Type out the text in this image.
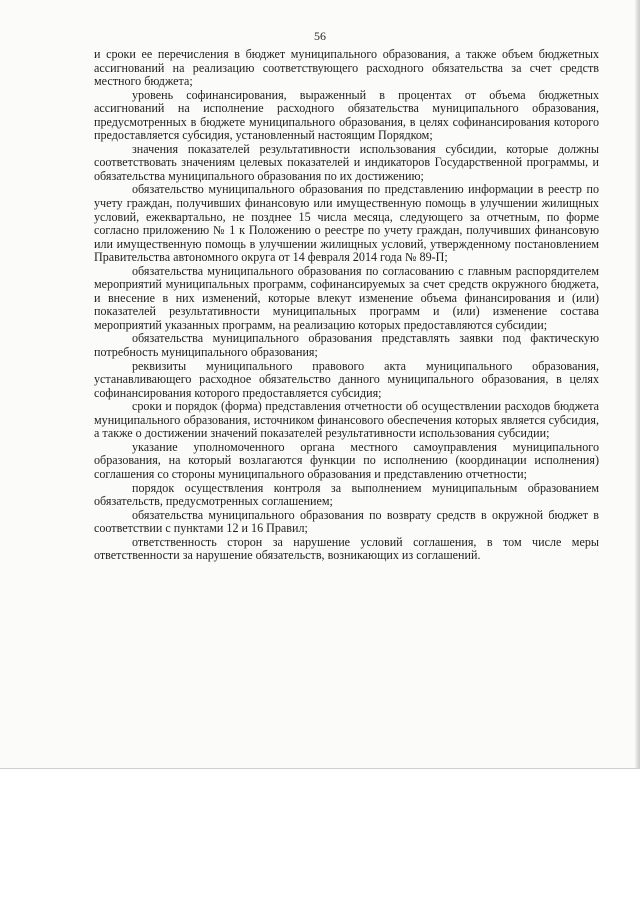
56

и сроки ее перечисления в бюджет муниципального образования, а также объем бюджетных ассигнований на реализацию соответствующего расходного обязательства за счет средств местного бюджета;

уровень софинансирования, выраженный в процентах от объема бюджетных ассигнований на исполнение расходного обязательства муниципального образования, предусмотренных в бюджете муниципального образования, в целях софинансирования которого предоставляется субсидия, установленный настоящим Порядком;

значения показателей результативности использования субсидии, которые должны соответствовать значениям целевых показателей и индикаторов Государственной программы, и обязательства муниципального образования по их достижению;

обязательство муниципального образования по представлению информации в реестр по учету граждан, получивших финансовую или имущественную помощь в улучшении жилищных условий, ежеквартально, не позднее 15 числа месяца, следующего за отчетным, по форме согласно приложению № 1 к Положению о реестре по учету граждан, получивших финансовую или имущественную помощь в улучшении жилищных условий, утвержденному постановлением Правительства автономного округа от 14 февраля 2014 года № 89-П;

обязательства муниципального образования по согласованию с главным распорядителем мероприятий муниципальных программ, софинансируемых за счет средств окружного бюджета, и внесение в них изменений, которые влекут изменение объема финансирования и (или) показателей результативности муниципальных программ и (или) изменение состава мероприятий указанных программ, на реализацию которых предоставляются субсидии;

обязательства муниципального образования представлять заявки под фактическую потребность муниципального образования;

реквизиты муниципального правового акта муниципального образования, устанавливающего расходное обязательство данного муниципального образования, в целях софинансирования которого предоставляется субсидия;

сроки и порядок (форма) представления отчетности об осуществлении расходов бюджета муниципального образования, источником финансового обеспечения которых является субсидия, а также о достижении значений показателей результативности использования субсидии;

указание уполномоченного органа местного самоуправления муниципального образования, на который возлагаются функции по исполнению (координации исполнения) соглашения со стороны муниципального образования и представлению отчетности;

порядок осуществления контроля за выполнением муниципальным образованием обязательств, предусмотренных соглашением;

обязательства муниципального образования по возврату средств в окружной бюджет в соответствии с пунктами 12 и 16 Правил;

ответственность сторон за нарушение условий соглашения, в том числе меры ответственности за нарушение обязательств, возникающих из соглашений.
